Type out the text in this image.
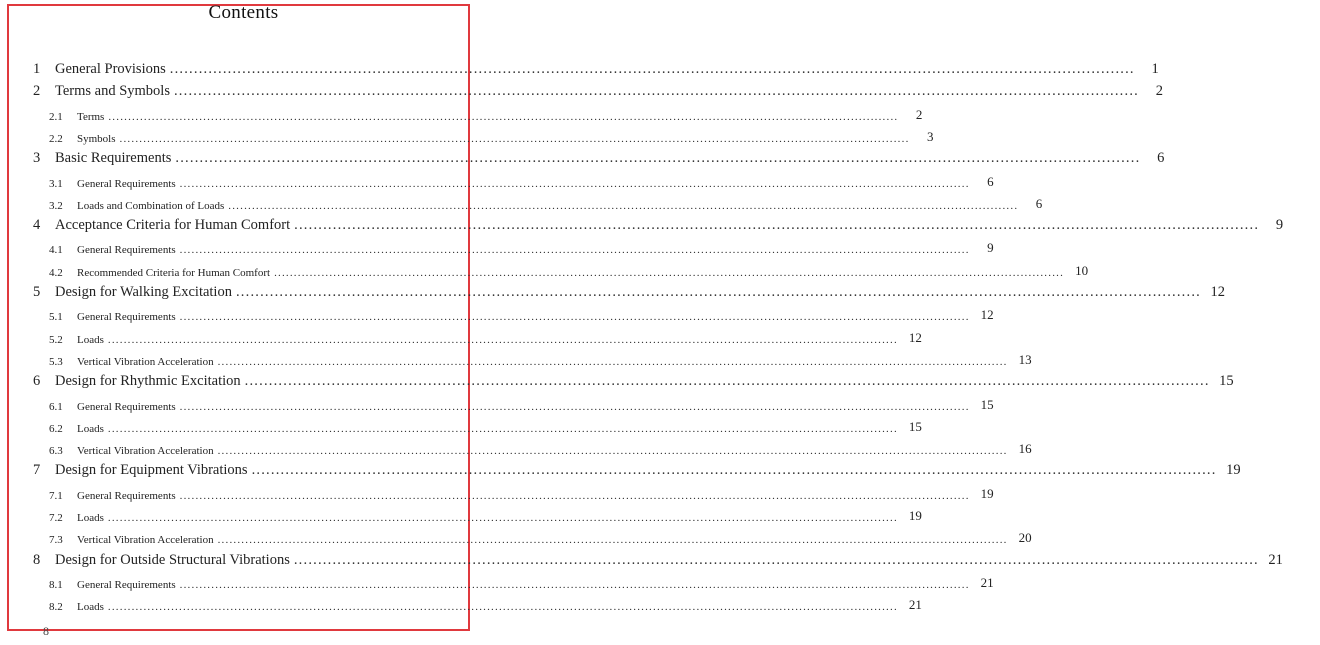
Contents
1	General Provisions ........................................................................................................................................................................................................	1
2	Terms and Symbols ........................................................................................................................................................................................................	2
2.1	Terms ........................................................................................................................................................................................................	2
2.2	Symbols ........................................................................................................................................................................................................	3
3	Basic Requirements ........................................................................................................................................................................................................	6
3.1	General Requirements ........................................................................................................................................................................................................	6
3.2	Loads and Combination of Loads ........................................................................................................................................................................................................	6
4	Acceptance Criteria for Human Comfort ........................................................................................................................................................................................................	9
4.1	General Requirements ........................................................................................................................................................................................................	9
4.2	Recommended Criteria for Human Comfort ........................................................................................................................................................................................................ 10
5	Design for Walking Excitation ........................................................................................................................................................................................................ 12
5.1	General Requirements ........................................................................................................................................................................................................ 12
5.2	Loads ........................................................................................................................................................................................................ 12
5.3	Vertical Vibration Acceleration ........................................................................................................................................................................................................ 13
6	Design for Rhythmic Excitation ........................................................................................................................................................................................................ 15
6.1	General Requirements ........................................................................................................................................................................................................ 15
6.2	Loads ........................................................................................................................................................................................................ 15
6.3	Vertical Vibration Acceleration ........................................................................................................................................................................................................ 16
7	Design for Equipment Vibrations ........................................................................................................................................................................................................ 19
7.1	General Requirements ........................................................................................................................................................................................................ 19
7.2	Loads ........................................................................................................................................................................................................ 19
7.3	Vertical Vibration Acceleration ........................................................................................................................................................................................................ 20
8	Design for Outside Structural Vibrations ........................................................................................................................................................................................................ 21
8.1	General Requirements ........................................................................................................................................................................................................ 21
8.2	Loads ........................................................................................................................................................................................................ 21
8
